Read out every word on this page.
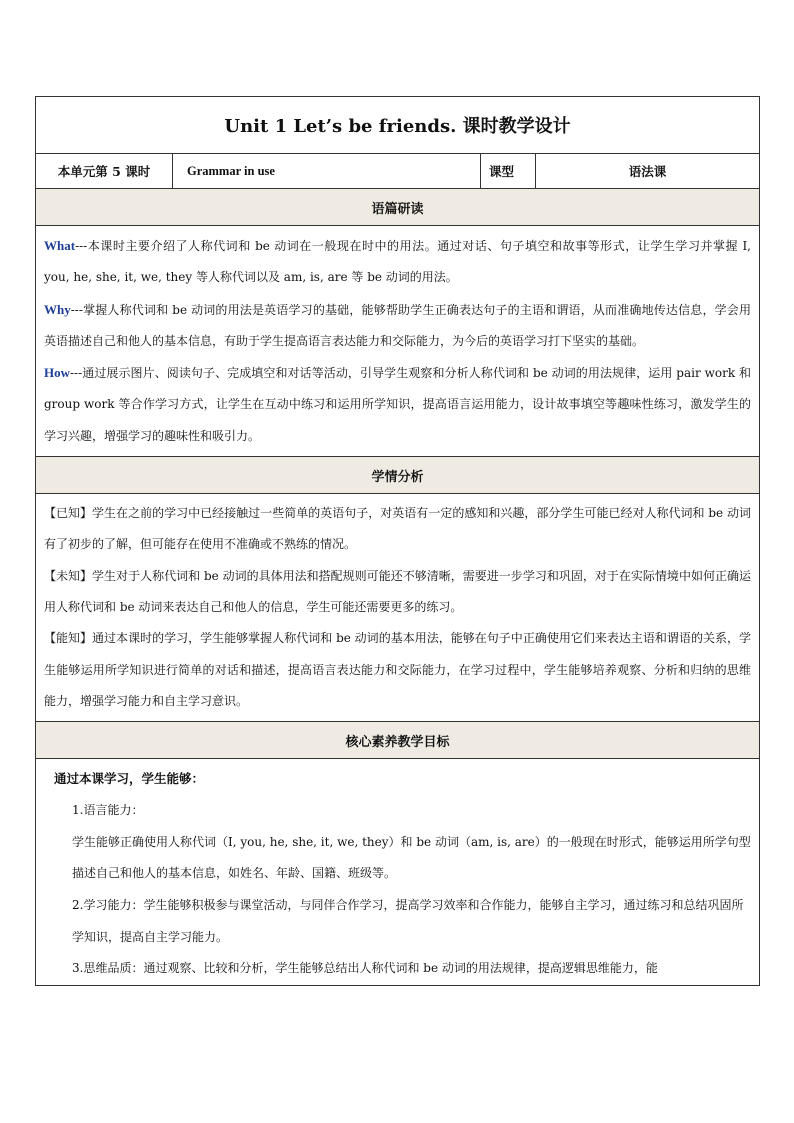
Unit 1 Let’s be friends. 课时教学设计
本单元第 5 课时	Grammar in use	课型	语法课
语篇研读

What---本课时主要介绍了人称代词和 be 动词在一般现在时中的用法。通过对话、句子填空和故事等形式，让学生学习并掌握 I, you, he, she, it, we, they 等人称代词以及 am, is, are 等 be 动词的用法。

Why---掌握人称代词和 be 动词的用法是英语学习的基础，能够帮助学生正确表达句子的主语和谓语，从而准确地传达信息，学会用英语描述自己和他人的基本信息，有助于学生提高语言表达能力和交际能力，为今后的英语学习打下坚实的基础。

How---通过展示图片、阅读句子、完成填空和对话等活动，引导学生观察和分析人称代词和 be 动词的用法规律，运用 pair work 和 group work 等合作学习方式，让学生在互动中练习和运用所学知识，提高语言运用能力，设计故事填空等趣味性练习，激发学生的学习兴趣，增强学习的趣味性和吸引力。

学情分析

【已知】学生在之前的学习中已经接触过一些简单的英语句子，对英语有一定的感知和兴趣，部分学生可能已经对人称代词和 be 动词有了初步的了解，但可能存在使用不准确或不熟练的情况。

【未知】学生对于人称代词和 be 动词的具体用法和搭配规则可能还不够清晰，需要进一步学习和巩固，对于在实际情境中如何正确运用人称代词和 be 动词来表达自己和他人的信息，学生可能还需要更多的练习。

【能知】通过本课时的学习，学生能够掌握人称代词和 be 动词的基本用法，能够在句子中正确使用它们来表达主语和谓语的关系，学生能够运用所学知识进行简单的对话和描述，提高语言表达能力和交际能力，在学习过程中，学生能够培养观察、分析和归纳的思维能力，增强学习能力和自主学习意识。

核心素养教学目标

通过本课学习，学生能够：

1.语言能力：

学生能够正确使用人称代词（I, you, he, she, it, we, they）和 be 动词（am, is, are）的一般现在时形式，能够运用所学句型描述自己和他人的基本信息，如姓名、年龄、国籍、班级等。

2.学习能力：学生能够积极参与课堂活动，与同伴合作学习，提高学习效率和合作能力，能够自主学习，通过练习和总结巩固所学知识，提高自主学习能力。

3.思维品质：通过观察、比较和分析，学生能够总结出人称代词和 be 动词的用法规律，提高逻辑思维能力，能
